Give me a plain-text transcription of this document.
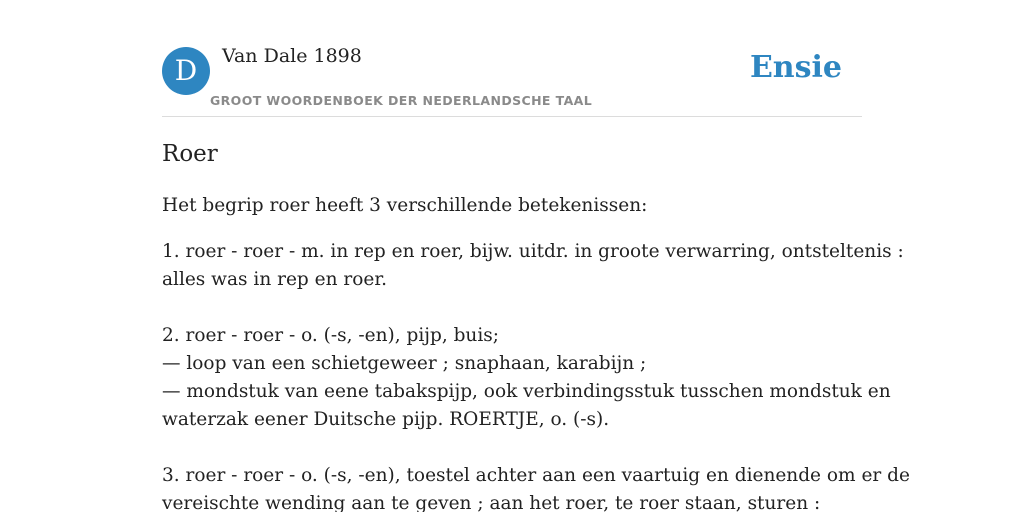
D	Van Dale 1898
GROOT WOORDENBOEK DER NEDERLANDSCHE TAAL
Ensie
Roer

Het begrip roer heeft 3 verschillende betekenissen:

1. roer - roer - m. in rep en roer, bijw. uitdr. in groote verwarring, ontsteltenis :
alles was in rep en roer.

2. roer - roer - o. (-s, -en), pijp, buis;
— loop van een schietgeweer ; snaphaan, karabijn ;
— mondstuk van eene tabakspijp, ook verbindingsstuk tusschen mondstuk en
waterzak eener Duitsche pijp. ROERTJE, o. (-s).

3. roer - roer - o. (-s, -en), toestel achter aan een vaartuig en dienende om er de
vereischte wending aan te geven ; aan het roer, te roer staan, sturen :
